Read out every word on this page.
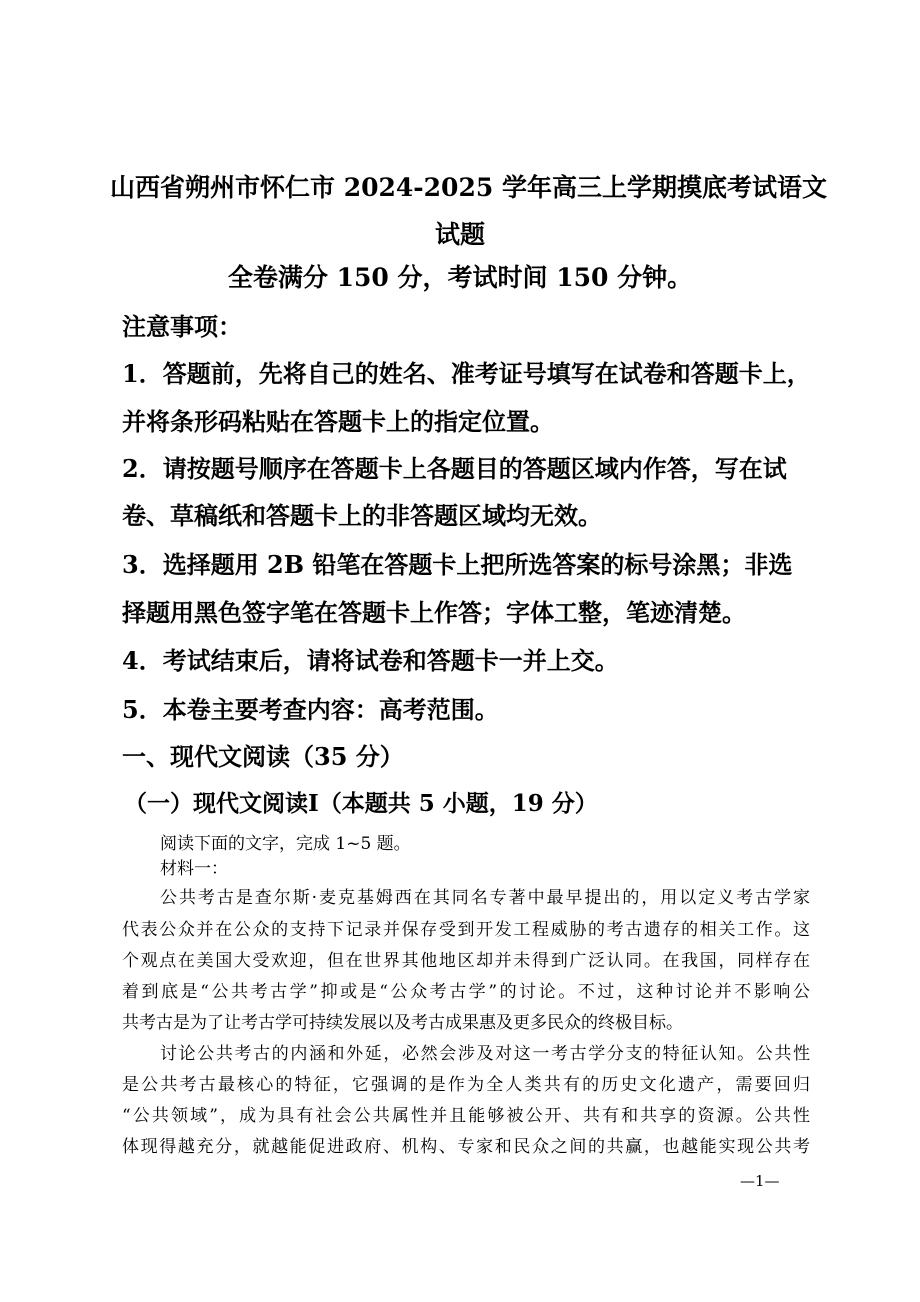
山西省朔州市怀仁市 2024-2025 学年高三上学期摸底考试语文
试题
全卷满分 150 分，考试时间 150 分钟。
注意事项：
1．答题前，先将自己的姓名、准考证号填写在试卷和答题卡上，
并将条形码粘贴在答题卡上的指定位置。
2．请按题号顺序在答题卡上各题目的答题区域内作答，写在试
卷、草稿纸和答题卡上的非答题区域均无效。
3．选择题用 2B 铅笔在答题卡上把所选答案的标号涂黑；非选
择题用黑色签字笔在答题卡上作答；字体工整，笔迹清楚。
4．考试结束后，请将试卷和答题卡一并上交。
5．本卷主要考查内容：高考范围。
一、现代文阅读（35 分）
（一）现代文阅读Ⅰ（本题共 5 小题，19 分）
阅读下面的文字，完成 1~5 题。
材料一：
公共考古是查尔斯·麦克基姆西在其同名专著中最早提出的，用以定义考古学家
代表公众并在公众的支持下记录并保存受到开发工程威胁的考古遗存的相关工作。这
个观点在美国大受欢迎，但在世界其他地区却并未得到广泛认同。在我国，同样存在
着到底是“公共考古学”抑或是“公众考古学”的讨论。不过，这种讨论并不影响公
共考古是为了让考古学可持续发展以及考古成果惠及更多民众的终极目标。
讨论公共考古的内涵和外延，必然会涉及对这一考古学分支的特征认知。公共性
是公共考古最核心的特征，它强调的是作为全人类共有的历史文化遗产，需要回归
“公共领域”，成为具有社会公共属性并且能够被公开、共有和共享的资源。公共性
体现得越充分，就越能促进政府、机构、专家和民众之间的共赢，也越能实现公共考
—1—
